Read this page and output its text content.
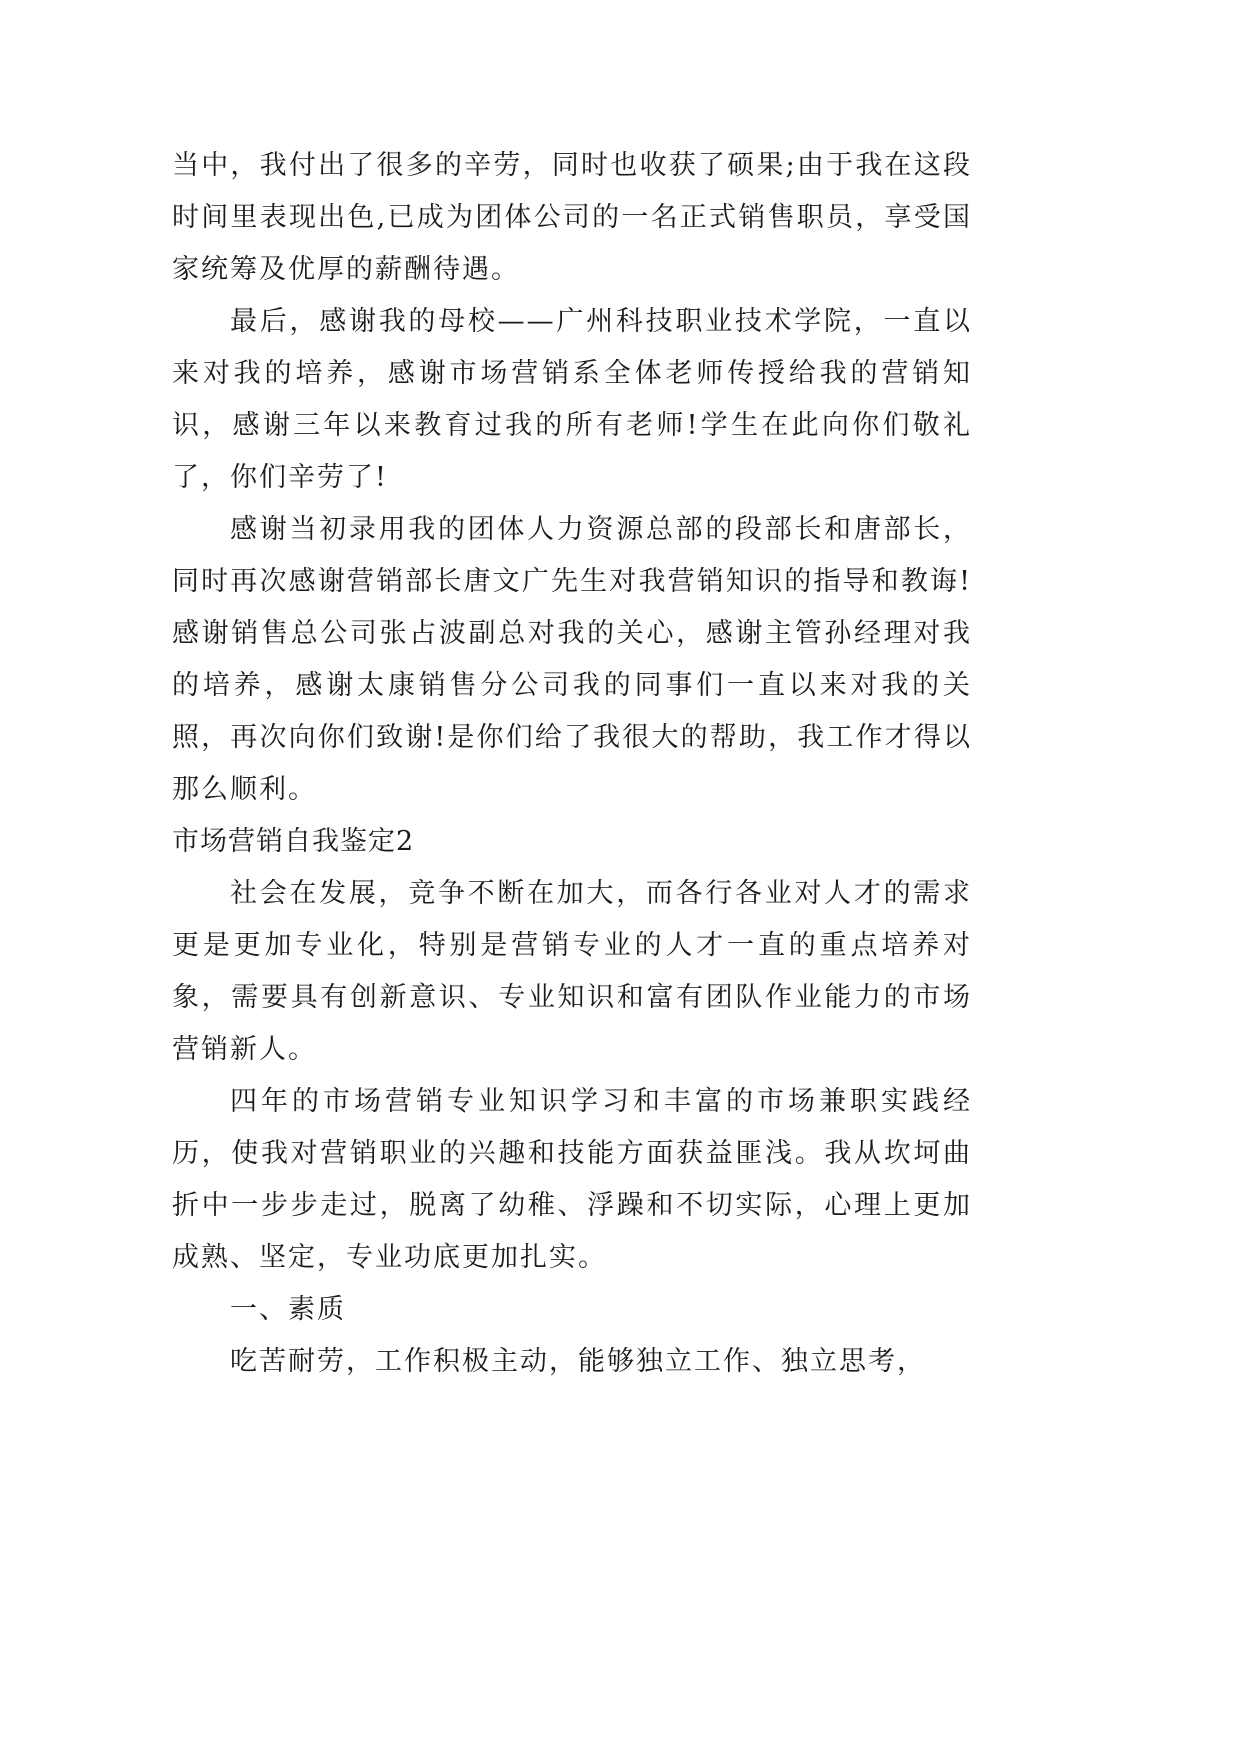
当中，我付出了很多的辛劳，同时也收获了硕果;由于我在这段时间里表现出色,已成为团体公司的一名正式销售职员，享受国家统筹及优厚的薪酬待遇。

最后，感谢我的母校——广州科技职业技术学院，一直以来对我的培养，感谢市场营销系全体老师传授给我的营销知识，感谢三年以来教育过我的所有老师!学生在此向你们敬礼了，你们辛劳了!

感谢当初录用我的团体人力资源总部的段部长和唐部长，同时再次感谢营销部长唐文广先生对我营销知识的指导和教诲!感谢销售总公司张占波副总对我的关心，感谢主管孙经理对我的培养，感谢太康销售分公司我的同事们一直以来对我的关照，再次向你们致谢!是你们给了我很大的帮助，我工作才得以那么顺利。

市场营销自我鉴定2

社会在发展，竞争不断在加大，而各行各业对人才的需求更是更加专业化，特别是营销专业的人才一直的重点培养对象，需要具有创新意识、专业知识和富有团队作业能力的市场营销新人。

四年的市场营销专业知识学习和丰富的市场兼职实践经历，使我对营销职业的兴趣和技能方面获益匪浅。我从坎坷曲折中一步步走过，脱离了幼稚、浮躁和不切实际，心理上更加成熟、坚定，专业功底更加扎实。

一、素质

吃苦耐劳，工作积极主动，能够独立工作、独立思考，
